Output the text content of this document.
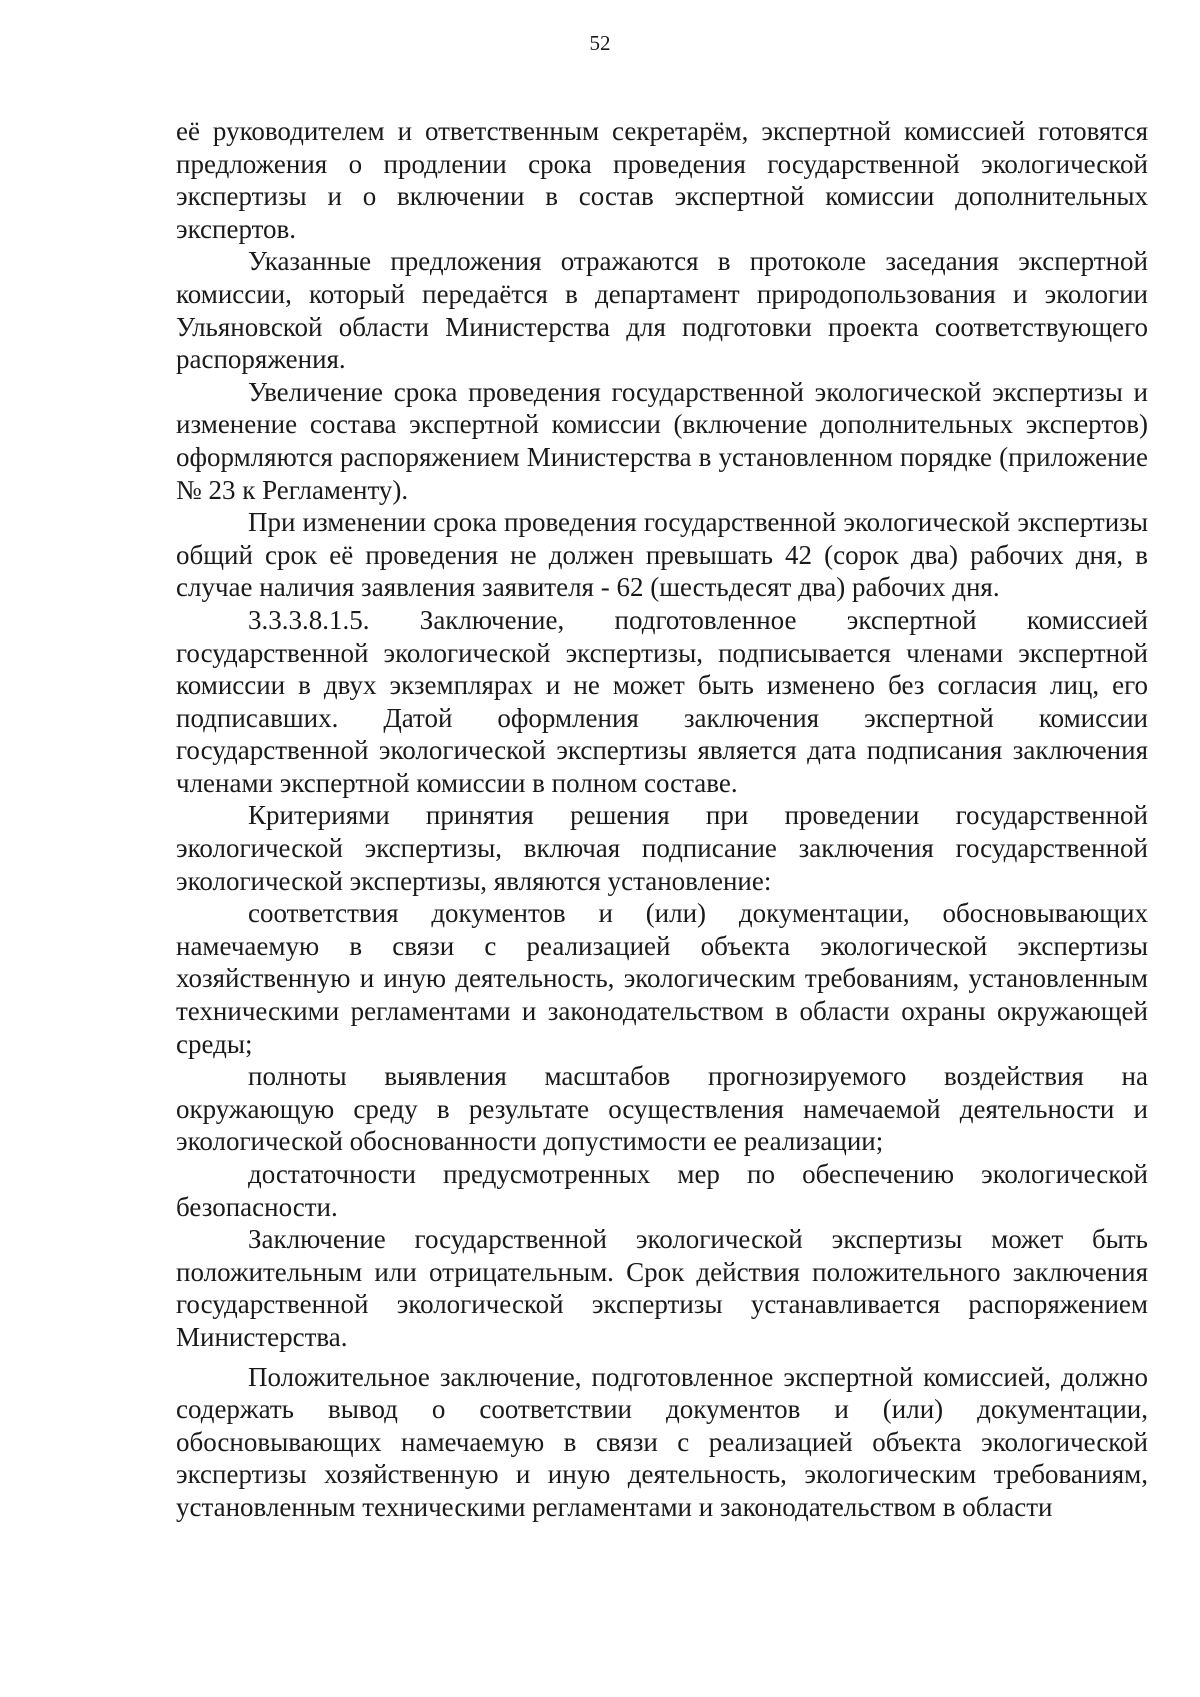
52

её руководителем и ответственным секретарём, экспертной комиссией готовятся предложения о продлении срока проведения государственной экологической экспертизы и о включении в состав экспертной комиссии дополнительных экспертов.

Указанные предложения отражаются в протоколе заседания экспертной комиссии, который передаётся в департамент природопользования и экологии Ульяновской области Министерства для подготовки проекта соответствующего распоряжения.

Увеличение срока проведения государственной экологической экспертизы и изменение состава экспертной комиссии (включение дополнительных экспертов) оформляются распоряжением Министерства в установленном порядке (приложение № 23 к Регламенту).

При изменении срока проведения государственной экологической экспертизы общий срок её проведения не должен превышать 42 (сорок два) рабочих дня, в случае наличия заявления заявителя - 62 (шестьдесят два) рабочих дня.

3.3.3.8.1.5. Заключение, подготовленное экспертной комиссией государственной экологической экспертизы, подписывается членами экспертной комиссии в двух экземплярах и не может быть изменено без согласия лиц, его подписавших. Датой оформления заключения экспертной комиссии государственной экологической экспертизы является дата подписания заключения членами экспертной комиссии в полном составе.

Критериями принятия решения при проведении государственной экологической экспертизы, включая подписание заключения государственной экологической экспертизы, являются установление:

соответствия документов и (или) документации, обосновывающих намечаемую в связи с реализацией объекта экологической экспертизы хозяйственную и иную деятельность, экологическим требованиям, установленным техническими регламентами и законодательством в области охраны окружающей среды;

полноты выявления масштабов прогнозируемого воздействия на окружающую среду в результате осуществления намечаемой деятельности и экологической обоснованности допустимости ее реализации;

достаточности предусмотренных мер по обеспечению экологической безопасности.

Заключение государственной экологической экспертизы может быть положительным или отрицательным. Срок действия положительного заключения государственной экологической экспертизы устанавливается распоряжением Министерства.

Положительное заключение, подготовленное экспертной комиссией, должно содержать вывод о соответствии документов и (или) документации, обосновывающих намечаемую в связи с реализацией объекта экологической экспертизы хозяйственную и иную деятельность, экологическим требованиям, установленным техническими регламентами и законодательством в области
